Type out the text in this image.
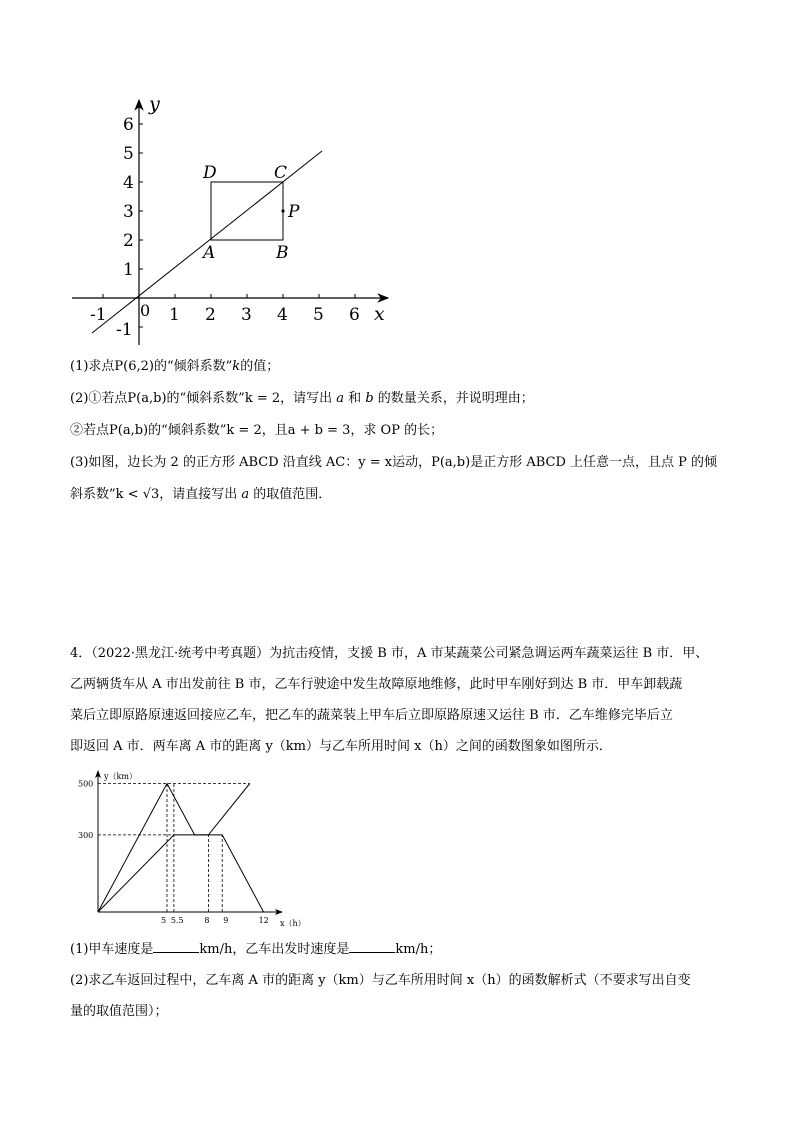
x
y
0
-1	1 2 3 4 5 6
-1
1
2
3
4
5
6
A	B
C
D
P
(1)求点P(6,2)的“倾斜系数”k的值；
(2)①若点P(a,b)的“倾斜系数”k = 2，请写出 a 和 b 的数量关系，并说明理由；
②若点P(a,b)的“倾斜系数”k = 2，且a + b = 3，求 OP 的长；
(3)如图，边长为 2 的正方形 ABCD 沿直线 AC：y = x运动，P(a,b)是正方形 ABCD 上任意一点，且点 P 的倾
斜系数”k < √3，请直接写出 a 的取值范围．
4．（2022·黑龙江·统考中考真题）为抗击疫情，支援 B 市，A 市某蔬菜公司紧急调运两车蔬菜运往 B 市．甲、
乙两辆货车从 A 市出发前往 B 市，乙车行驶途中发生故障原地维修，此时甲车刚好到达 B 市．甲车卸载蔬
菜后立即原路原速返回接应乙车，把乙车的蔬菜装上甲车后立即原路原速又运往 B 市．乙车维修完毕后立
即返回 A 市．两车离 A 市的距离 y（km）与乙车所用时间 x（h）之间的函数图象如图所示．
y（km）
x（h）
500
300
5 5.5	8 9	12
(1)甲车速度是	km/h，乙车出发时速度是	km/h；
(2)求乙车返回过程中，乙车离 A 市的距离 y（km）与乙车所用时间 x（h）的函数解析式（不要求写出自变
量的取值范围）；
